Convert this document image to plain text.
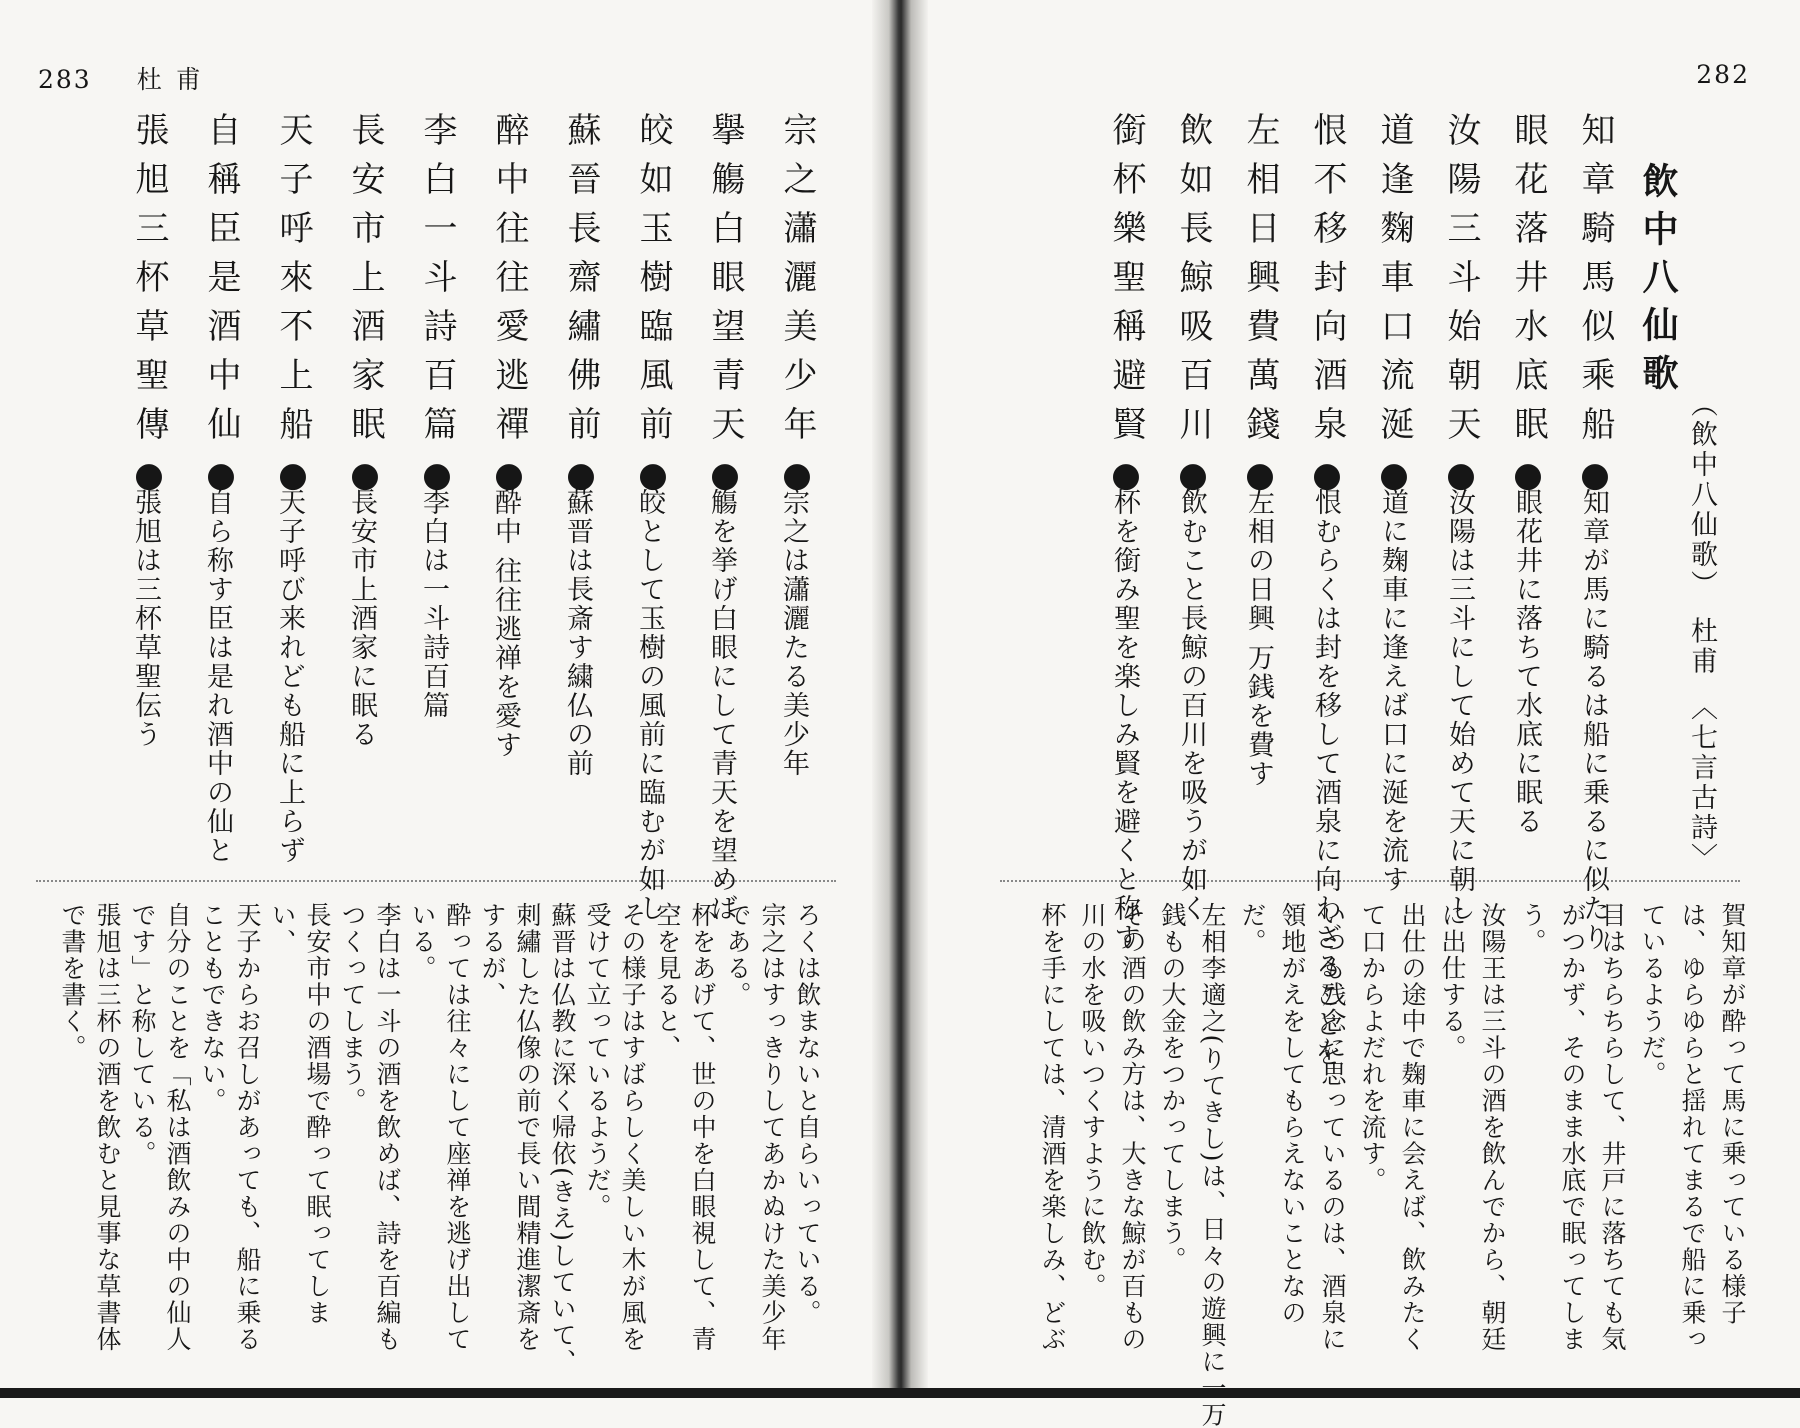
283 杜甫	282
飲中八仙歌
（飲中八仙歌）　杜甫　〈七言古詩〉
知章騎馬似乘船●
眼花落井水底眠●
汝陽三斗始朝天●
道逢麴車口流涎●
恨不移封向酒泉●
左相日興費萬錢●
飲如長鯨吸百川●
銜杯樂聖稱避賢●
知章が馬に騎るは船に乗るに似たり
眼花井に落ちて水底に眠る
汝陽は三斗にして始めて天に朝し
道に麹車に逢えば口に涎を流す
恨むらくは封を移して酒泉に向わざることを
左相の日興 万銭を費す
飲むこと長鯨の百川を吸うが如く
杯を銜み聖を楽しみ賢を避くと称す
賀知章が酔って馬に乗っている様子
は、ゆらゆらと揺れてまるで船に乗っ
ているようだ。
目はちらちらして、井戸に落ちても気
がつかず、そのまま水底で眠ってしま
う。
汝陽王は三斗の酒を飲んでから、朝廷
に出仕する。
出仕の途中で麹車に会えば、飲みたく
て口からよだれを流す。
いつも残念に思っているのは、酒泉に
領地がえをしてもらえないことなの
だ。
左相李適之(りてきし)は、日々の遊興に一万
銭もの大金をつかってしまう。
その酒の飲み方は、大きな鯨が百もの
川の水を吸いつくすように飲む。
杯を手にしては、清酒を楽しみ、どぶ
宗之瀟灑美少年●
擧觴白眼望青天●
皎如玉樹臨風前●
蘇晉長齋繡佛前●
醉中往往愛逃禪●
李白一斗詩百篇●
長安市上酒家眠●
天子呼來不上船●
自稱臣是酒中仙●
張旭三杯草聖傳●
宗之は瀟灑たる美少年
觴を挙げ白眼にして青天を望めば
皎として玉樹の風前に臨むが如し
蘇晋は長斎す繍仏の前
酔中 往往逃禅を愛す
李白は一斗詩百篇
長安市上酒家に眠る
天子呼び来れども船に上らず
自ら称す臣は是れ酒中の仙と
張旭は三杯草聖伝う
ろくは飲まないと自らいっている。
宗之はすっきりしてあかぬけた美少年
である。
杯をあげて、世の中を白眼視して、青
空を見ると、
その様子はすばらしく美しい木が風を
受けて立っているようだ。
蘇晋は仏教に深く帰依(きえ)していて、
刺繡した仏像の前で長い間精進潔斎を
するが、
酔っては往々にして座禅を逃げ出して
いる。
李白は一斗の酒を飲めば、詩を百編も
つくってしまう。
長安市中の酒場で酔って眠ってしま
い、
天子からお召しがあっても、船に乗る
こともできない。
自分のことを「私は酒飲みの中の仙人
です」と称している。
張旭は三杯の酒を飲むと見事な草書体
で書を書く。
